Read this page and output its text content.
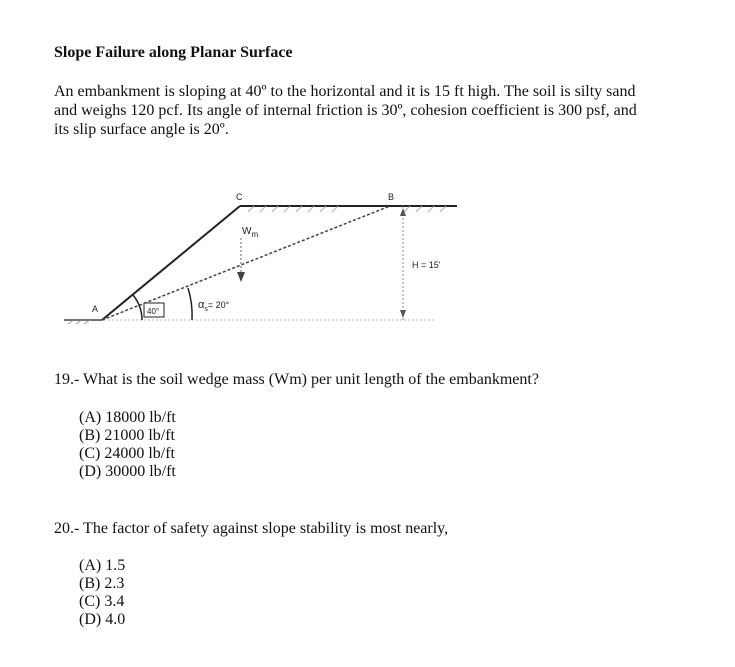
Slope Failure along Planar Surface
An embankment is sloping at 40º to the horizontal and it is 15 ft high. The soil is silty sand and weighs 120 pcf. Its angle of internal friction is 30º, cohesion coefficient is 300 psf, and its slip surface angle is 20º.
A
C	B
$W_m$
40°
$\alpha_s^{= 20^\circ}$
H = 15'
19.- What is the soil wedge mass (Wm) per unit length of the embankment?
(A) 18000 lb/ft
(B) 21000 lb/ft
(C) 24000 lb/ft
(D) 30000 lb/ft
20.- The factor of safety against slope stability is most nearly,
(A) 1.5
(B) 2.3
(C) 3.4
(D) 4.0
